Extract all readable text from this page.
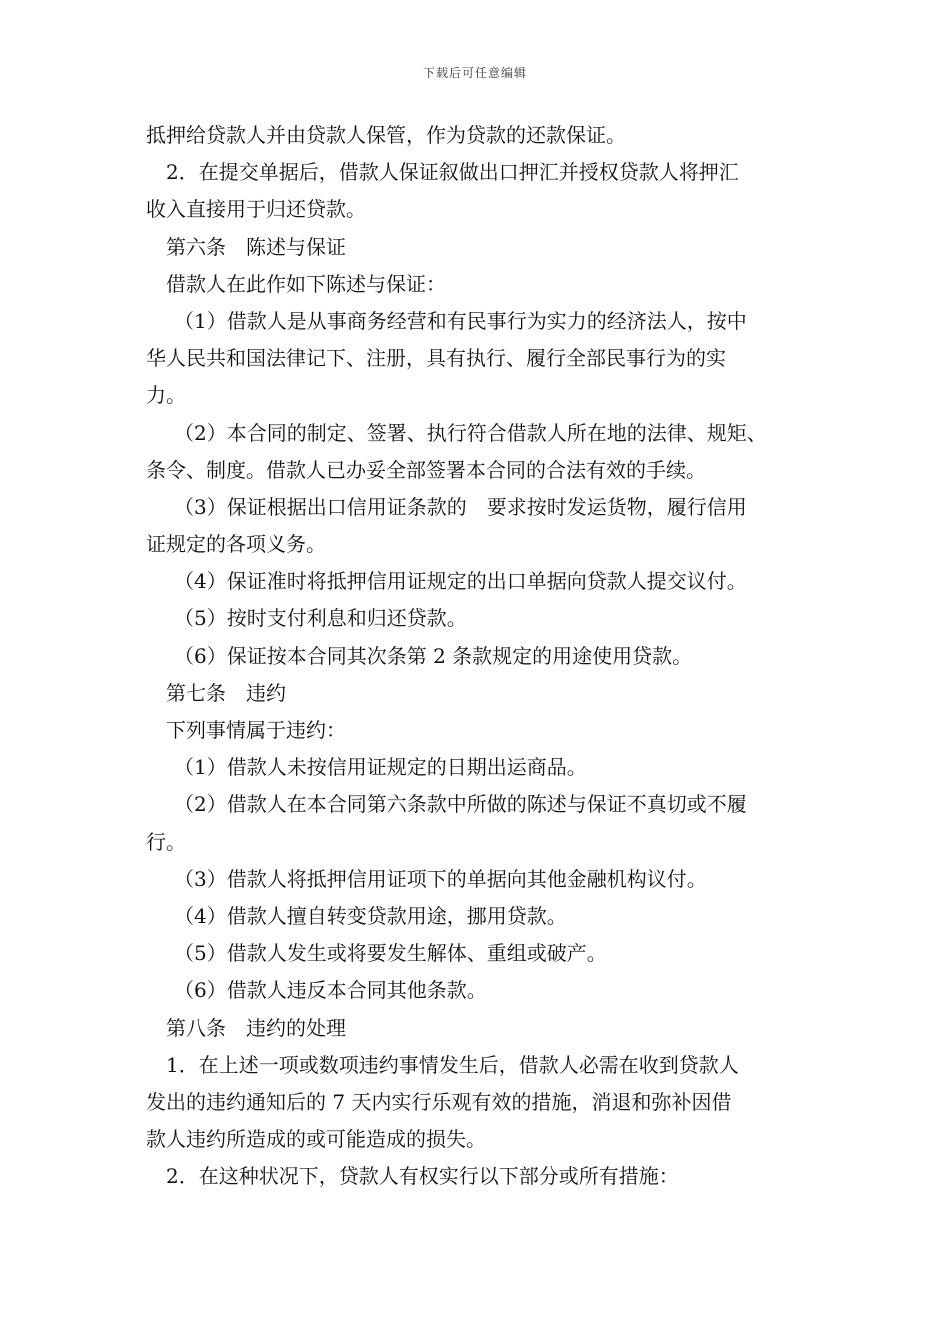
下载后可任意编辑
抵押给贷款人并由贷款人保管，作为贷款的还款保证。
2．在提交单据后，借款人保证叙做出口押汇并授权贷款人将押汇
收入直接用于归还贷款。
第六条　陈述与保证
借款人在此作如下陈述与保证：
（1）借款人是从事商务经营和有民事行为实力的经济法人，按中
华人民共和国法律记下、注册，具有执行、履行全部民事行为的实
力。
（2）本合同的制定、签署、执行符合借款人所在地的法律、规矩、
条令、制度。借款人已办妥全部签署本合同的合法有效的手续。
（3）保证根据出口信用证条款的　要求按时发运货物，履行信用
证规定的各项义务。
（4）保证准时将抵押信用证规定的出口单据向贷款人提交议付。
（5）按时支付利息和归还贷款。
（6）保证按本合同其次条第 2 条款规定的用途使用贷款。
第七条　违约
下列事情属于违约：
（1）借款人未按信用证规定的日期出运商品。
（2）借款人在本合同第六条款中所做的陈述与保证不真切或不履
行。
（3）借款人将抵押信用证项下的单据向其他金融机构议付。
（4）借款人擅自转变贷款用途，挪用贷款。
（5）借款人发生或将要发生解体、重组或破产。
（6）借款人违反本合同其他条款。
第八条　违约的处理
1．在上述一项或数项违约事情发生后，借款人必需在收到贷款人
发出的违约通知后的 7 天内实行乐观有效的措施，消退和弥补因借
款人违约所造成的或可能造成的损失。
2．在这种状况下，贷款人有权实行以下部分或所有措施：
